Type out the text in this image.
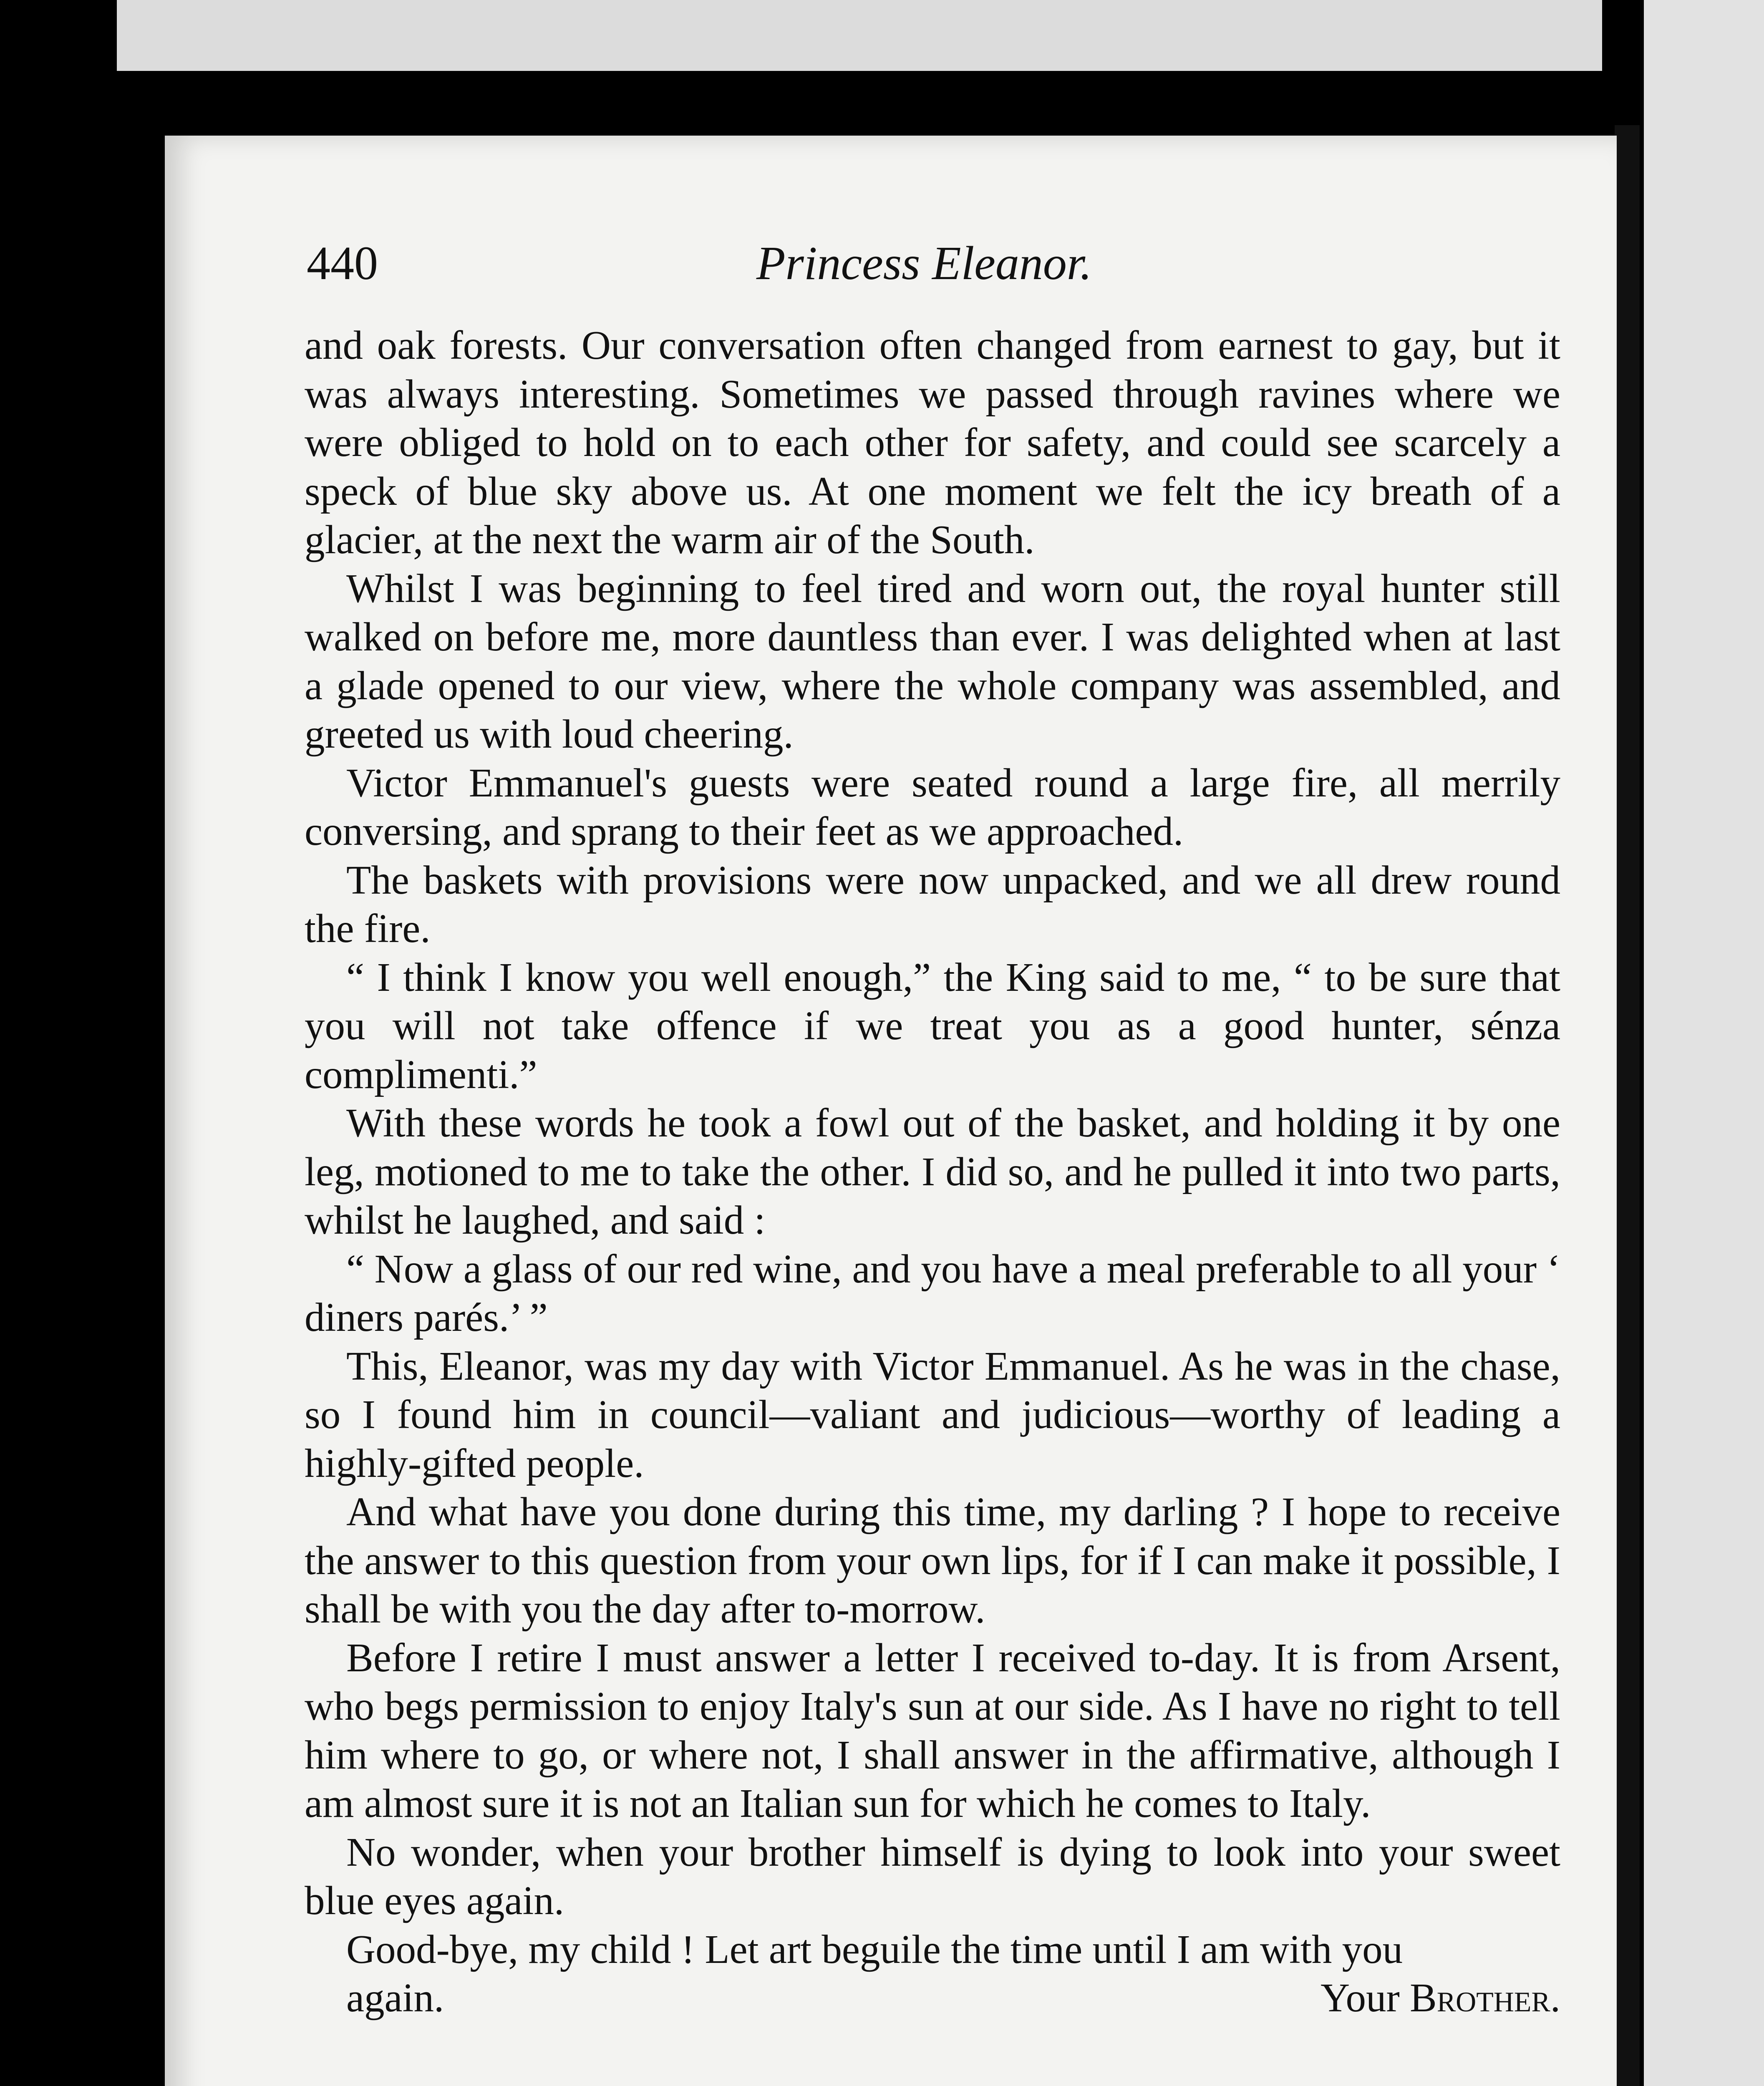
440	Princess Eleanor.

and oak forests. Our conversation often changed from earnest to gay, but it was always interesting. Sometimes we passed through ravines where we were obliged to hold on to each other for safety, and could see scarcely a speck of blue sky above us. At one moment we felt the icy breath of a glacier, at the next the warm air of the South.

Whilst I was beginning to feel tired and worn out, the royal hunter still walked on before me, more dauntless than ever. I was delighted when at last a glade opened to our view, where the whole company was assembled, and greeted us with loud cheering.

Victor Emmanuel's guests were seated round a large fire, all merrily conversing, and sprang to their feet as we approached.

The baskets with provisions were now unpacked, and we all drew round the fire.

“ I think I know you well enough,” the King said to me, “ to be sure that you will not take offence if we treat you as a good hunter, sénza complimenti.”

With these words he took a fowl out of the basket, and holding it by one leg, motioned to me to take the other. I did so, and he pulled it into two parts, whilst he laughed, and said :

“ Now a glass of our red wine, and you have a meal preferable to all your ‘ diners parés.’ ”

This, Eleanor, was my day with Victor Emmanuel. As he was in the chase, so I found him in council—valiant and judicious—worthy of leading a highly-gifted people.

And what have you done during this time, my darling ? I hope to receive the answer to this question from your own lips, for if I can make it possible, I shall be with you the day after to-morrow.

Before I retire I must answer a letter I received to-day. It is from Arsent, who begs permission to enjoy Italy's sun at our side. As I have no right to tell him where to go, or where not, I shall answer in the affirmative, although I am almost sure it is not an Italian sun for which he comes to Italy.

No wonder, when your brother himself is dying to look into your sweet blue eyes again.

Good-bye, my child ! Let art beguile the time until I am with you

again.	Your Brother.
